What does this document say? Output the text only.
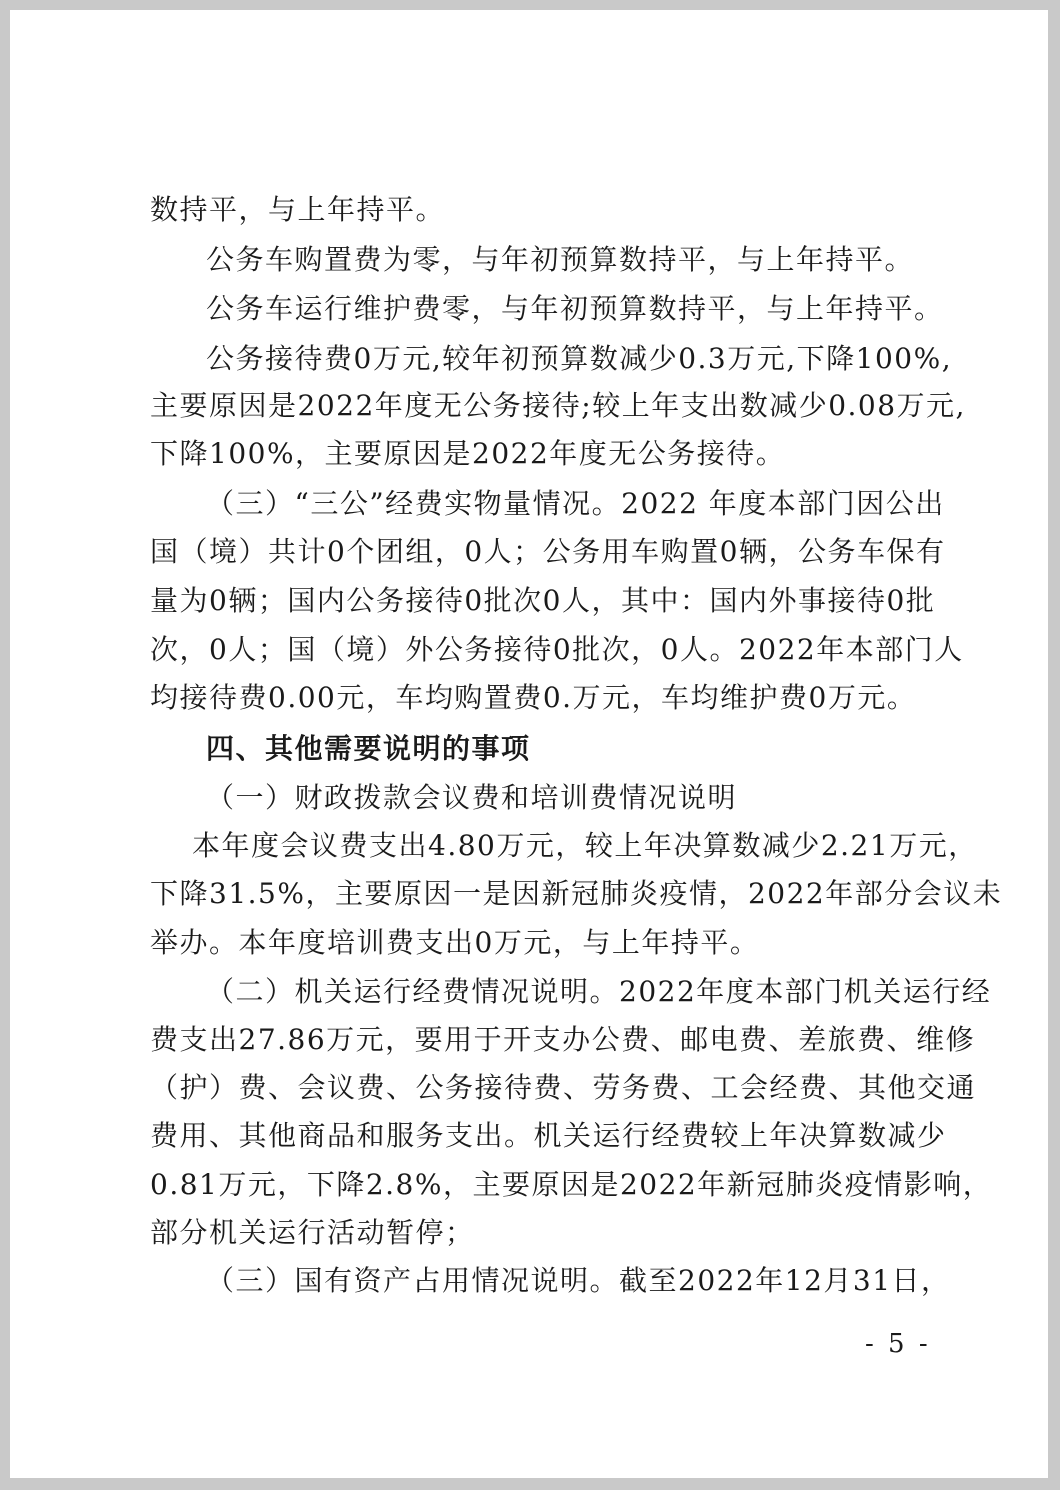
数持平，与上年持平。

公务车购置费为零，与年初预算数持平，与上年持平。

公务车运行维护费零，与年初预算数持平，与上年持平。

公务接待费0万元,较年初预算数减少0.3万元,下降100%,

主要原因是2022年度无公务接待;较上年支出数减少0.08万元,

下降100%，主要原因是2022年度无公务接待。

（三）“三公”经费实物量情况。2022 年度本部门因公出

国（境）共计0个团组，0人；公务用车购置0辆，公务车保有

量为0辆；国内公务接待0批次0人，其中：国内外事接待0批

次，0人；国（境）外公务接待0批次，0人。2022年本部门人

均接待费0.00元，车均购置费0.万元，车均维护费0万元。

四、其他需要说明的事项

（一）财政拨款会议费和培训费情况说明

本年度会议费支出4.80万元，较上年决算数减少2.21万元，

下降31.5%，主要原因一是因新冠肺炎疫情，2022年部分会议未

举办。本年度培训费支出0万元，与上年持平。

（二）机关运行经费情况说明。2022年度本部门机关运行经

费支出27.86万元，要用于开支办公费、邮电费、差旅费、维修

（护）费、会议费、公务接待费、劳务费、工会经费、其他交通

费用、其他商品和服务支出。机关运行经费较上年决算数减少

0.81万元，下降2.8%，主要原因是2022年新冠肺炎疫情影响，

部分机关运行活动暂停；

（三）国有资产占用情况说明。截至2022年12月31日，

- 5 -
